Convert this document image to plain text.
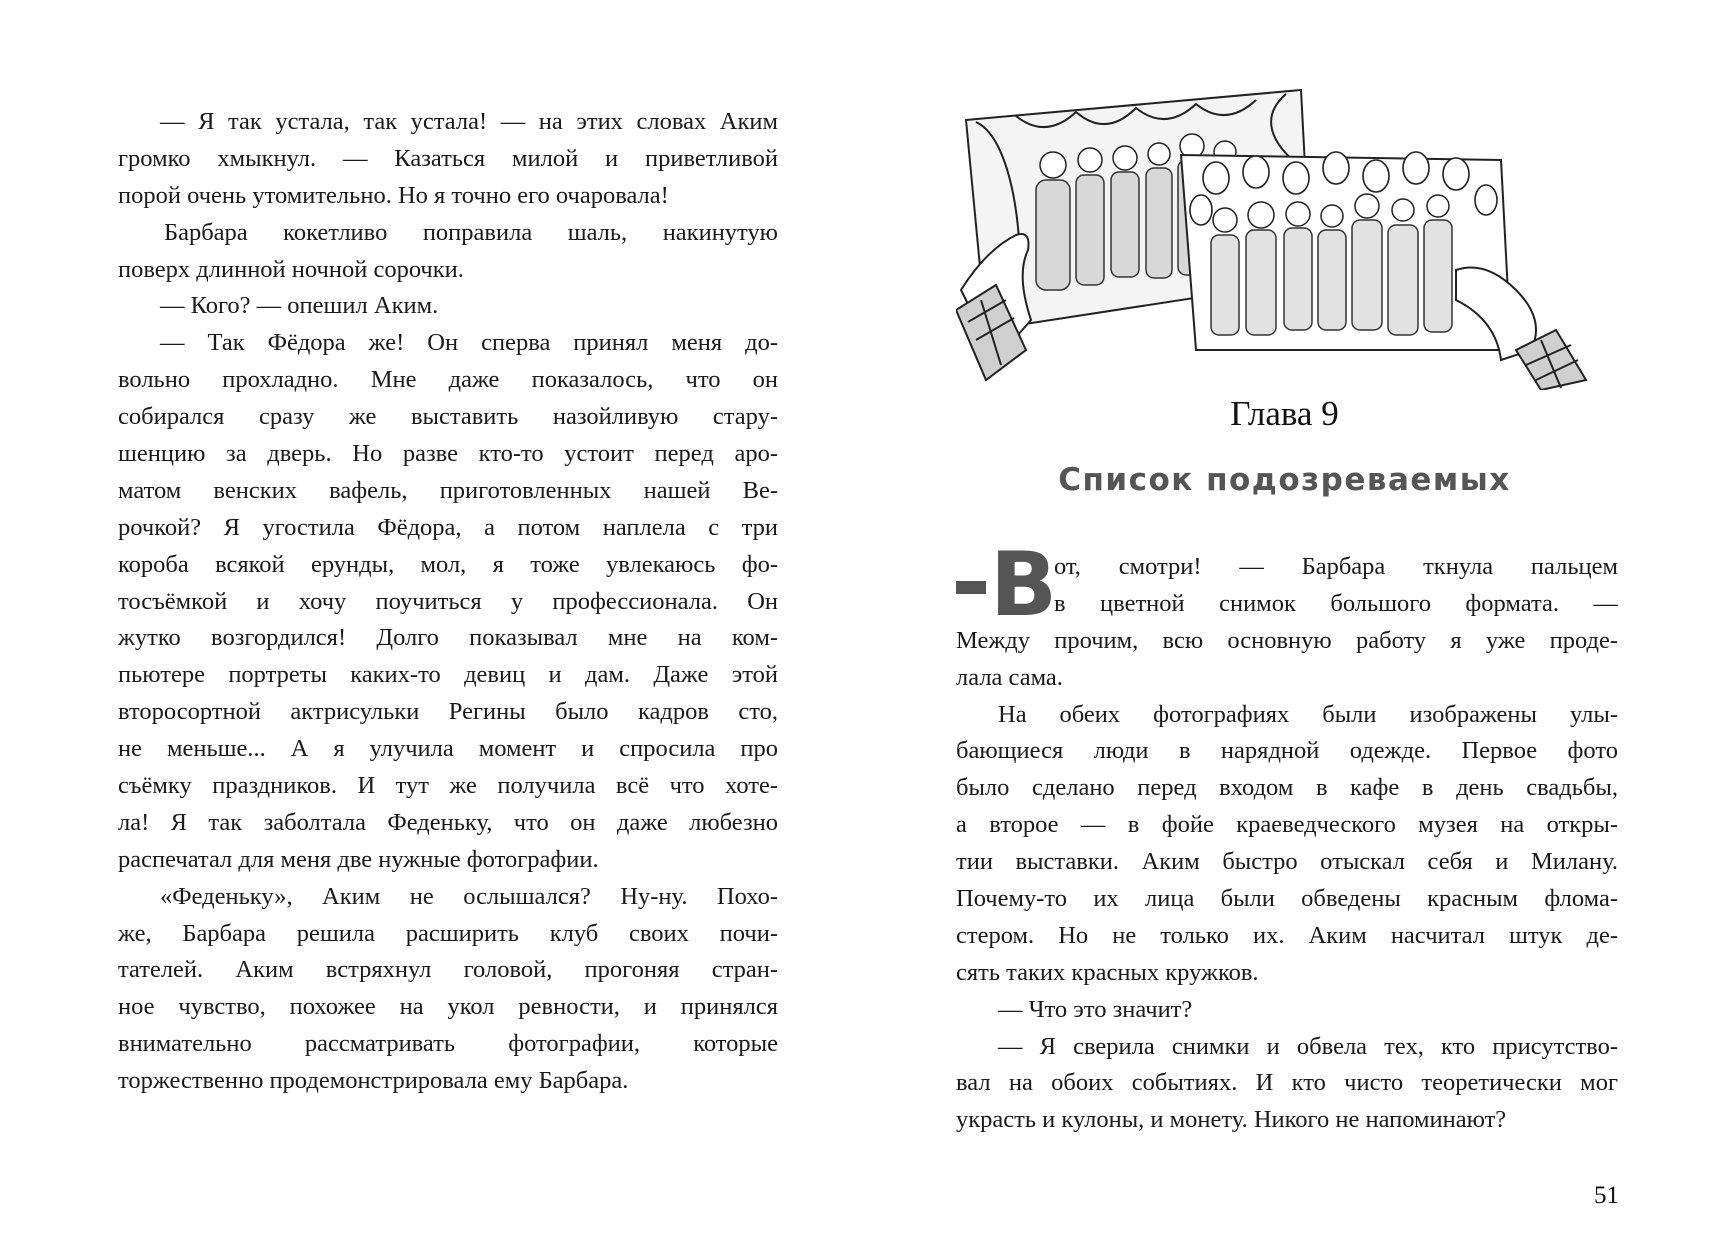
— Я так устала, так устала! — на этих словах Аким
громко хмыкнул. — Казаться милой и приветливой
порой очень утомительно. Но я точно его очаровала!
Барбара кокетливо поправила шаль, накинутую
поверх длинной ночной сорочки.
— Кого? — опешил Аким.
— Так Фёдора же! Он сперва принял меня до-
вольно прохладно. Мне даже показалось, что он
собирался сразу же выставить назойливую стару-
шенцию за дверь. Но разве кто-то устоит перед аро-
матом венских вафель, приготовленных нашей Ве-
рочкой? Я угостила Фёдора, а потом наплела с три
короба всякой ерунды, мол, я тоже увлекаюсь фо-
тосъёмкой и хочу поучиться у профессионала. Он
жутко возгордился! Долго показывал мне на ком-
пьютере портреты каких-то девиц и дам. Даже этой
второсортной актрисульки Регины было кадров сто,
не меньше... А я улучила момент и спросила про
съёмку праздников. И тут же получила всё что хоте-
ла! Я так заболтала Феденьку, что он даже любезно
распечатал для меня две нужные фотографии.
«Феденьку», Аким не ослышался? Ну-ну. Похо-
же, Барбара решила расширить клуб своих почи-
тателей. Аким встряхнул головой, прогоняя стран-
ное чувство, похожее на укол ревности, и принялся
внимательно рассматривать фотографии, которые
торжественно продемонстрировала ему Барбара.
Глава 9
Список подозреваемых
В
от, смотри! — Барбара ткнула пальцем
в цветной снимок большого формата. —
Между прочим, всю основную работу я уже проде-
лала сама.
На обеих фотографиях были изображены улы-
бающиеся люди в нарядной одежде. Первое фото
было сделано перед входом в кафе в день свадьбы,
а второе — в фойе краеведческого музея на откры-
тии выставки. Аким быстро отыскал себя и Милану.
Почему-то их лица были обведены красным флома-
стером. Но не только их. Аким насчитал штук де-
сять таких красных кружков.
— Что это значит?
— Я сверила снимки и обвела тех, кто присутство-
вал на обоих событиях. И кто чисто теоретически мог
украсть и кулоны, и монету. Никого не напоминают?
51
